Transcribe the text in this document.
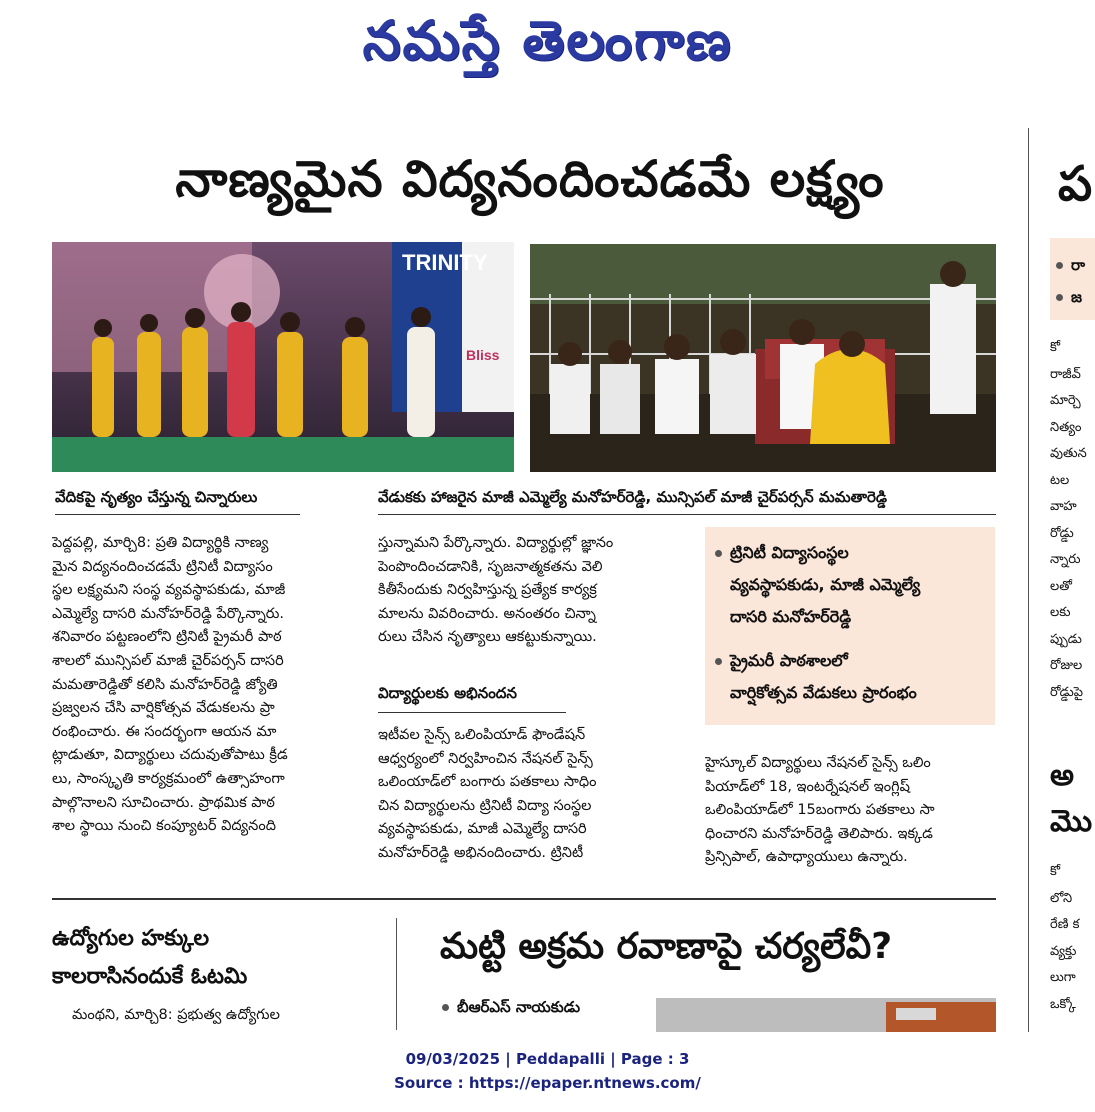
నమస్తే తెలంగాణ
నాణ్యమైన విద్యనందించడమే లక్ష్యం
TRINITY
Bliss
వేదికపై నృత్యం చేస్తున్న చిన్నారులు	వేడుకకు హాజరైన మాజీ ఎమ్మెల్యే మనోహర్‌రెడ్డి, మున్సిపల్ మాజీ చైర్‌పర్సన్ మమతారెడ్డి
పెద్దపల్లి, మార్చి8: ప్రతి విద్యార్థికి నాణ్య
మైన విద్యనందించడమే ట్రినిటీ విద్యాసం
స్థల లక్ష్యమని సంస్థ వ్యవస్థాపకుడు, మాజీ
ఎమ్మెల్యే దాసరి మనోహర్‌రెడ్డి పేర్కొన్నారు.
శనివారం పట్టణంలోని ట్రినిటీ ప్రైమరీ పాఠ
శాలలో మున్సిపల్ మాజీ చైర్‌పర్సన్ దాసరి
మమతారెడ్డితో కలిసి మనోహర్‌రెడ్డి జ్యోతి
ప్రజ్వలన చేసి వార్షికోత్సవ వేడుకలను ప్రా
రంభించారు. ఈ సందర్భంగా ఆయన మా
ట్లాడుతూ, విద్యార్థులు చదువుతోపాటు క్రీడ
లు, సాంస్కృతి కార్యక్రమంలో ఉత్సాహంగా
పాల్గొనాలని సూచించారు. ప్రాథమిక పాఠ
శాల స్థాయి నుంచి కంప్యూటర్ విద్యనంది
స్తున్నామని పేర్కొన్నారు. విద్యార్థుల్లో జ్ఞానం
పెంపొందించడానికి, సృజనాత్మకతను వెలి
కితీసేందుకు నిర్వహిస్తున్న ప్రత్యేక కార్యక్ర
మాలను వివరించారు. అనంతరం చిన్నా
రులు చేసిన నృత్యాలు ఆకట్టుకున్నాయి.
విద్యార్థులకు అభినందన
ఇటీవల సైన్స్ ఒలింపియాడ్ ఫౌండేషన్
ఆధ్వర్యంలో నిర్వహించిన నేషనల్ సైన్స్
ఒలింయాడ్‌లో బంగారు పతకాలు సాధిం
చిన విద్యార్థులను ట్రినిటీ విద్యా సంస్థల
వ్యవస్థాపకుడు, మాజీ ఎమ్మెల్యే దాసరి
మనోహర్‌రెడ్డి అభినందించారు. ట్రినిటీ
ట్రినిటీ విద్యాసంస్థల
వ్యవస్థాపకుడు, మాజీ ఎమ్మెల్యే
దాసరి మనోహర్‌రెడ్డి
ప్రైమరీ పాఠశాలలో
వార్షికోత్సవ వేడుకలు ప్రారంభం
హైస్కూల్ విద్యార్థులు నేషనల్ సైన్స్ ఒలిం
పియాడ్‌లో 18, ఇంటర్నేషనల్ ఇంగ్లిష్
ఒలింపియాడ్‌లో 15బంగారు పతకాలు సా
ధించారని మనోహర్‌రెడ్డి తెలిపారు. ఇక్కడ
ప్రిన్సిపాల్, ఉపాధ్యాయులు ఉన్నారు.
ఉద్యోగుల హక్కుల
కాలరాసినందుకే ఓటమి
మంథని, మార్చి8: ప్రభుత్వ ఉద్యోగుల
మట్టి అక్రమ రవాణాపై చర్యలేవీ?
బీఆర్ఎస్ నాయకుడు
ప
రా
జ
కో
రాజీవ్
మార్చె
నిత్యం
వుతున
టల
వాహ
రోడ్డు
న్నారు
లతో
లకు
ప్పుడు
రోజుల
రోడ్డుపై
అ
మొ
కో
లోని
రేణి క
వ్యక్తు
లుగా
ఒక్కో
09/03/2025 | Peddapalli | Page : 3
Source : https://epaper.ntnews.com/
